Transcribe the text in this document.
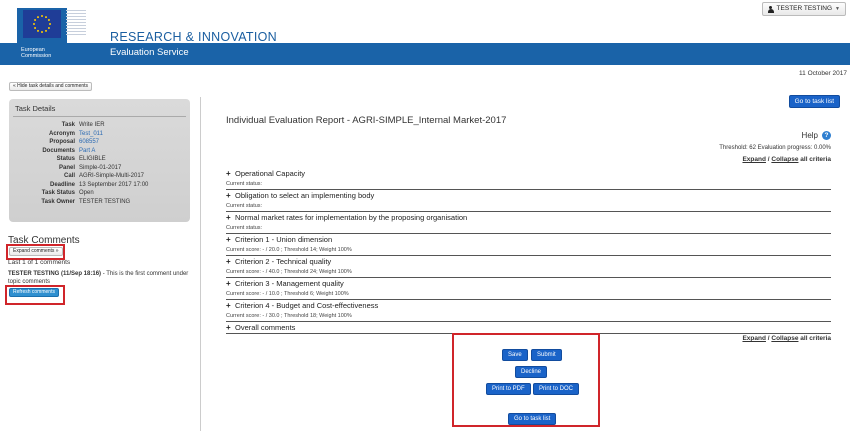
TESTER TESTING ▼
Evaluation Service
European Commission
RESEARCH & INNOVATION
11 October 2017
« Hide task details and comments
Task Details
Task Write IER
Acronym Test_011
Proposal 608557
Documents Part A
Status ELIGIBLE
Panel Simple-01-2017
Call AGRI-Simple-Multi-2017
Deadline 13 September 2017 17:00
Task Status Open
Task Owner TESTER TESTING
Task Comments
Expand comments »
Last 1 of 1 comments
TESTER TESTING (11/Sep 18:16) - This is the first comment under topic comments
Refresh comments
Go to task list
Individual Evaluation Report - AGRI-SIMPLE_Internal Market-2017
Help	?
Threshold: 62 Evaluation progress: 0.00%
Expand / Collapse all criteria
+ Operational Capacity
Current status:
+ Obligation to select an implementing body
Current status:
+ Normal market rates for implementation by the proposing organisation
Current status:
+ Criterion 1 - Union dimension
Current score: - / 20.0 ; Threshold 14; Weight 100%
+ Criterion 2 - Technical quality
Current score: - / 40.0 ; Threshold 24; Weight 100%
+ Criterion 3 - Management quality
Current score: - / 10.0 ; Threshold 6; Weight 100%
+ Criterion 4 - Budget and Cost-effectiveness
Current score: - / 30.0 ; Threshold 18; Weight 100%
+ Overall comments
Expand / Collapse all criteria
Save	Submit
Decline
Print to PDF	Print to DOC
Go to task list
